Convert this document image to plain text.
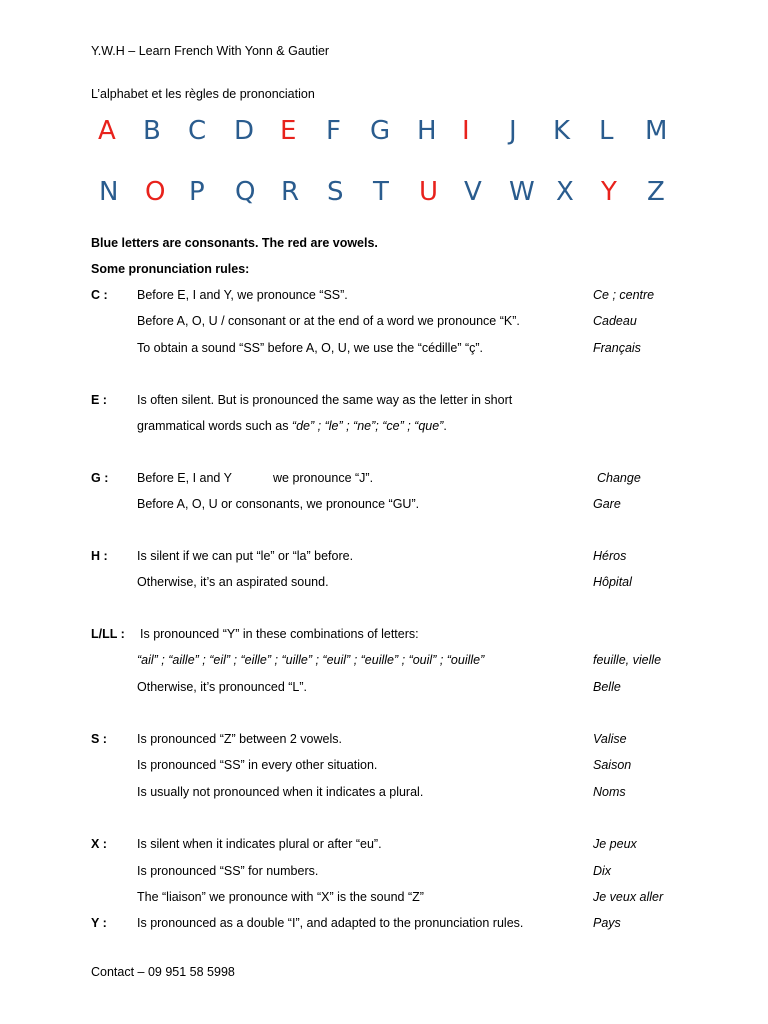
Y.W.H – Learn French With Yonn & Gautier
L’alphabet et les règles de prononciation
A B C D E F G H I J K L M
N O P Q R S T U V W X Y Z
Blue letters are consonants. The red are vowels.
Some pronunciation rules:
C : Before E, I and Y, we pronounce “SS”.	Ce ; centre
Before A, O, U / consonant or at the end of a word we pronounce “K”.	Cadeau
To obtain a sound “SS” before A, O, U, we use the “cédille” “ç”.	Français
E : Is often silent. But is pronounced the same way as the letter in short
grammatical words such as “de” ; “le” ; “ne”; “ce” ; “que”.
G : Before E, I and Y	we pronounce “J”.	Change
Before A, O, U or consonants, we pronounce “GU”.	Gare
H : Is silent if we can put “le” or “la” before.	Héros
Otherwise, it’s an aspirated sound.	Hôpital
L/LL : Is pronounced “Y” in these combinations of letters:
“ail” ; “aille” ; “eil” ; “eille” ; “uille” ; “euil” ; “euille” ; “ouil” ; “ouille”	feuille, vielle
Otherwise, it’s pronounced “L”.	Belle
S : Is pronounced “Z” between 2 vowels.	Valise
Is pronounced “SS” in every other situation.	Saison
Is usually not pronounced when it indicates a plural.	Noms
X : Is silent when it indicates plural or after “eu”.	Je peux
Is pronounced “SS” for numbers.	Dix
The “liaison” we pronounce with “X” is the sound “Z”	Je veux aller
Y : Is pronounced as a double “I”, and adapted to the pronunciation rules.	Pays
Contact – 09 951 58 5998
